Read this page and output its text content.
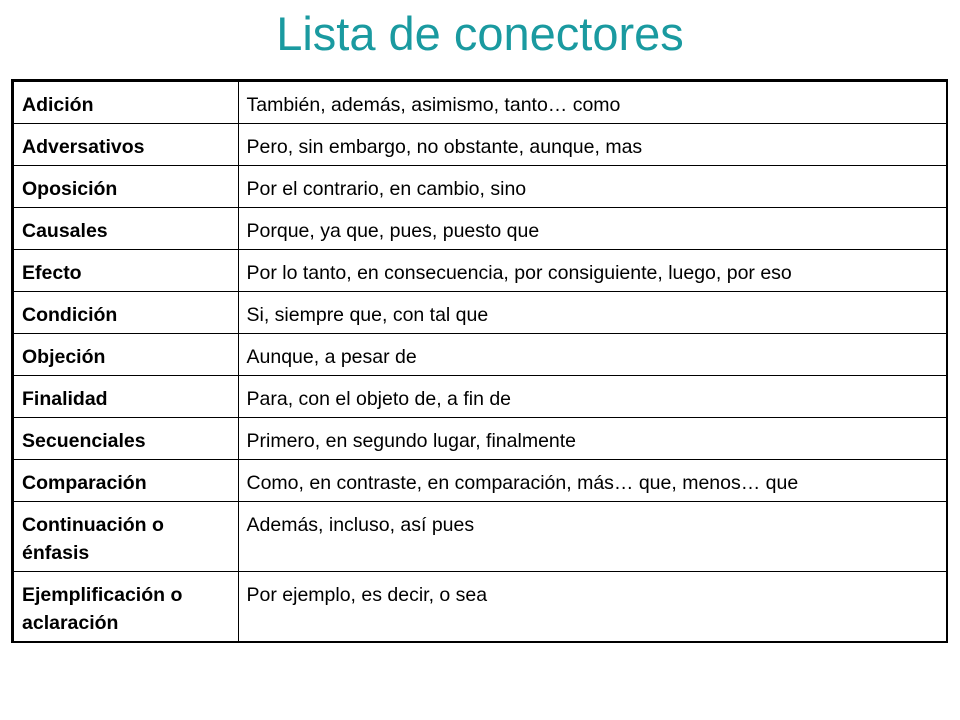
Lista de conectores
Adición	También, además, asimismo, tanto… como
Adversativos	Pero, sin embargo, no obstante, aunque, mas
Oposición	Por el contrario, en cambio, sino
Causales	Porque, ya que, pues, puesto que
Efecto	Por lo tanto, en consecuencia, por consiguiente, luego, por eso
Condición	Si, siempre que, con tal que
Objeción	Aunque, a pesar de
Finalidad	Para, con el objeto de, a fin de
Secuenciales	Primero, en segundo lugar, finalmente
Comparación	Como, en contraste, en comparación, más… que, menos… que
Continuación o énfasis	Además, incluso, así pues
Ejemplificación o aclaración	Por ejemplo, es decir, o sea
